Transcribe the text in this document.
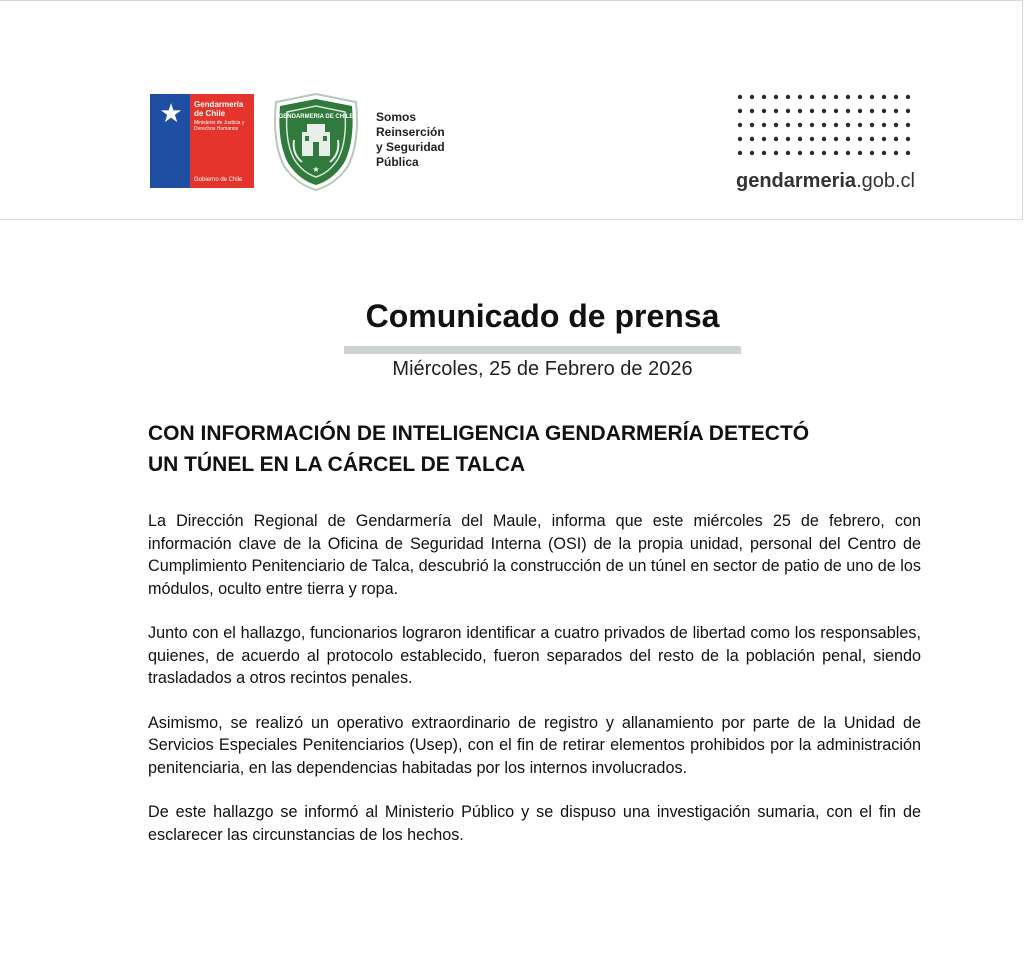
★	Gendarmería
de Chile
Ministerio de Justicia y Derechos Humanos
Gobierno de Chile
GENDARMERIA DE CHILE
★
Somos
Reinserción
y Seguridad
Pública
gendarmeria.gob.cl
Comunicado de prensa
Miércoles, 25 de Febrero de 2026
CON INFORMACIÓN DE INTELIGENCIA GENDARMERÍA DETECTÓ
UN TÚNEL EN LA CÁRCEL DE TALCA

La Dirección Regional de Gendarmería del Maule, informa que este miércoles 25 de febrero, con información clave de la Oficina de Seguridad Interna (OSI) de la propia unidad, personal del Centro de Cumplimiento Penitenciario de Talca, descubrió la construcción de un túnel en sector de patio de uno de los módulos, oculto entre tierra y ropa.

Junto con el hallazgo, funcionarios lograron identificar a cuatro privados de libertad como los responsables, quienes, de acuerdo al protocolo establecido, fueron separados del resto de la población penal, siendo trasladados a otros recintos penales.

Asimismo, se realizó un operativo extraordinario de registro y allanamiento por parte de la Unidad de Servicios Especiales Penitenciarios (Usep), con el fin de retirar elementos prohibidos por la administración penitenciaria, en las dependencias habitadas por los internos involucrados.

De este hallazgo se informó al Ministerio Público y se dispuso una investigación sumaria, con el fin de esclarecer las circunstancias de los hechos.
